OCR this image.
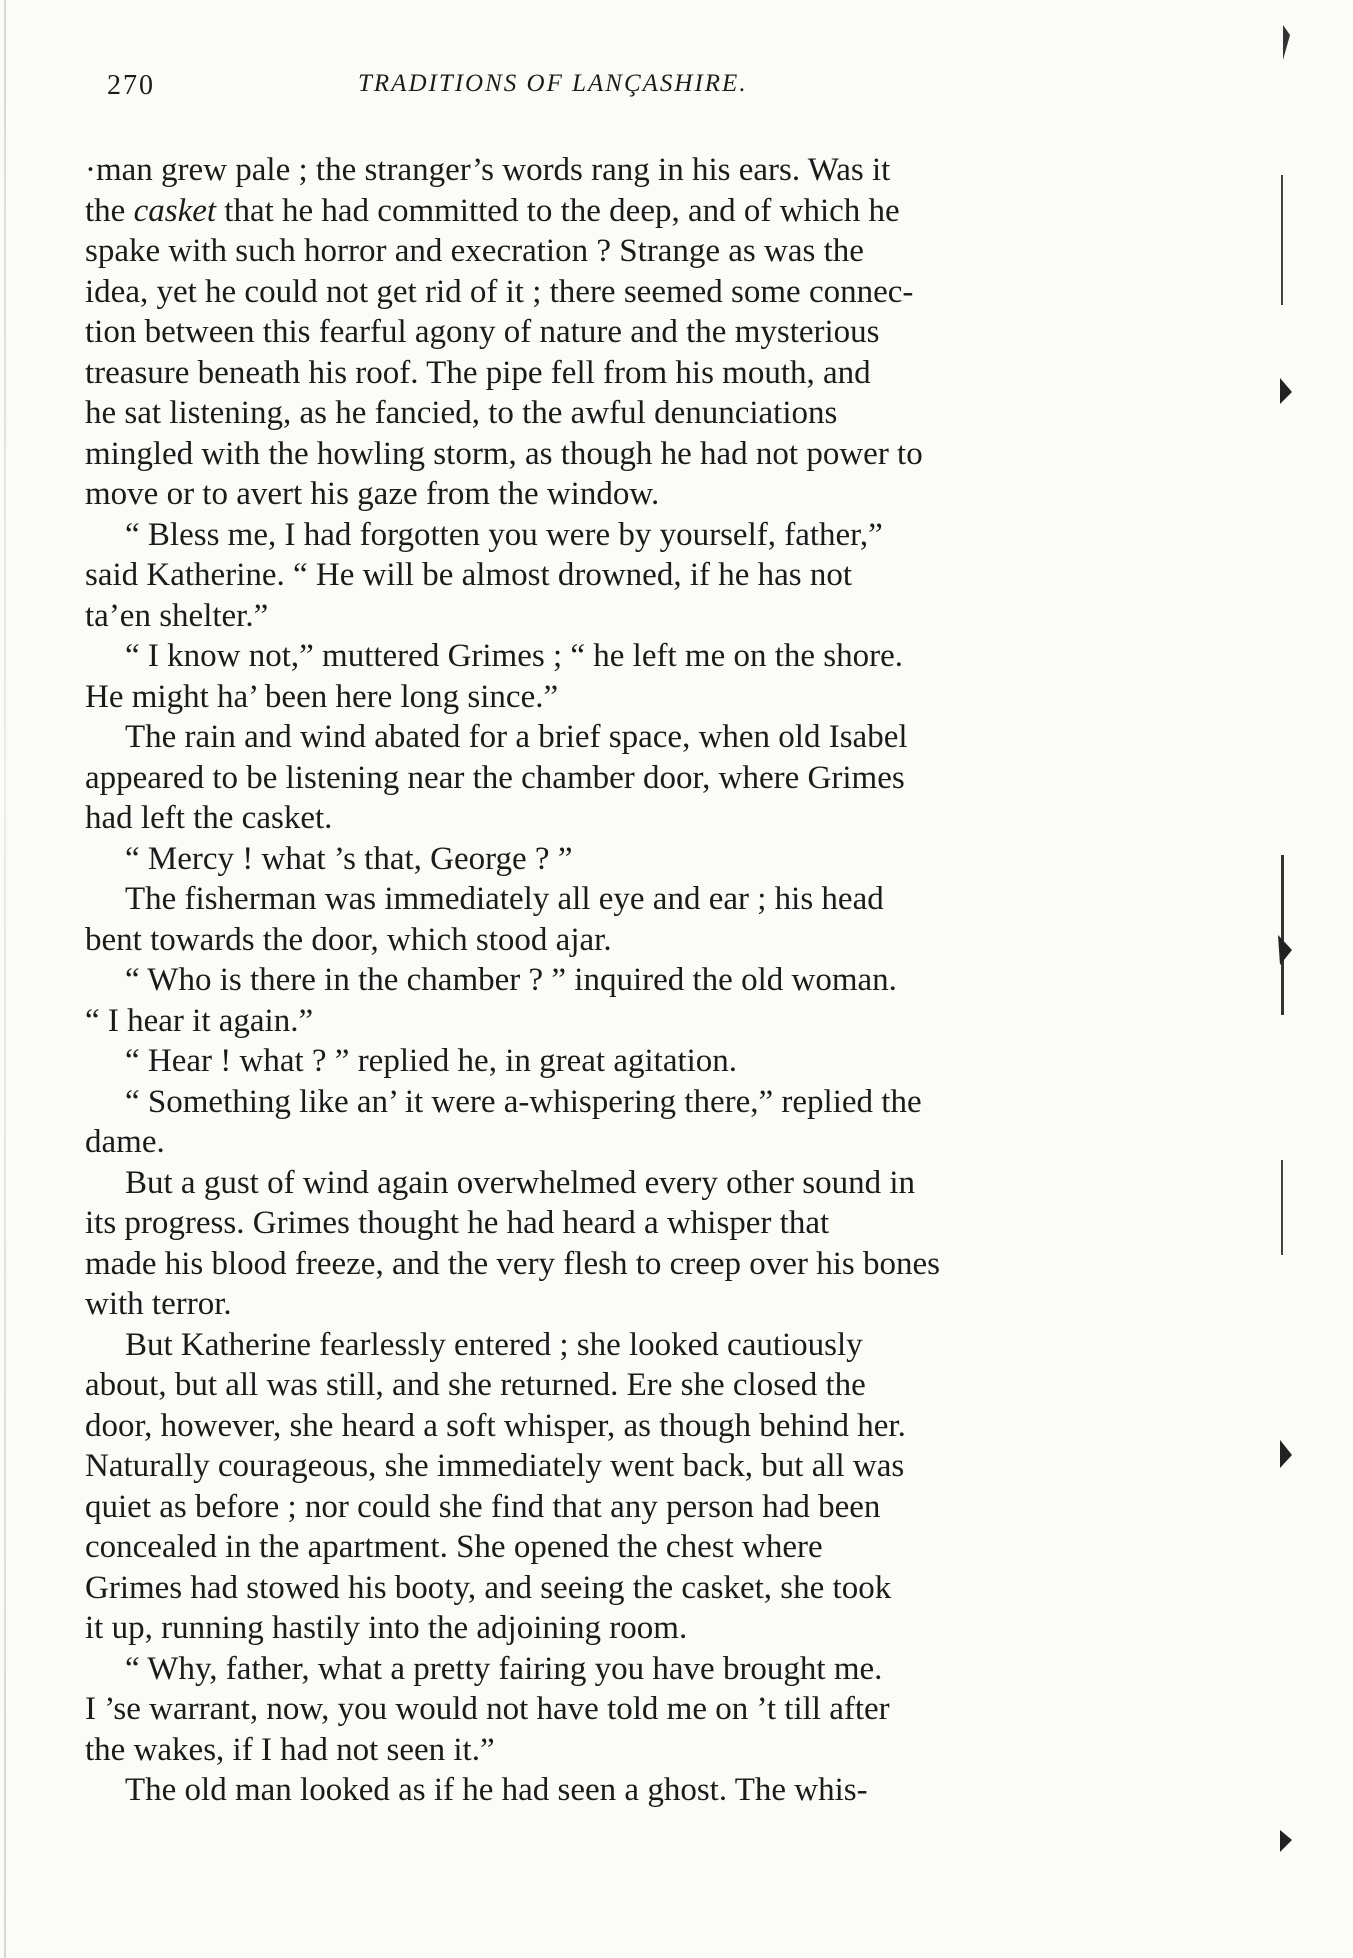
270	TRADITIONS OF LANÇASHIRE.
·man grew pale ; the stranger’s words rang in his ears. Was it
the casket that he had committed to the deep, and of which he
spake with such horror and execration ? Strange as was the
idea, yet he could not get rid of it ; there seemed some connec-
tion between this fearful agony of nature and the mysterious
treasure beneath his roof. The pipe fell from his mouth, and
he sat listening, as he fancied, to the awful denunciations
mingled with the howling storm, as though he had not power to
move or to avert his gaze from the window.
“ Bless me, I had forgotten you were by yourself, father,”
said Katherine. “ He will be almost drowned, if he has not
ta’en shelter.”
“ I know not,” muttered Grimes ; “ he left me on the shore.
He might ha’ been here long since.”
The rain and wind abated for a brief space, when old Isabel
appeared to be listening near the chamber door, where Grimes
had left the casket.
“ Mercy ! what ’s that, George ? ”
The fisherman was immediately all eye and ear ; his head
bent towards the door, which stood ajar.
“ Who is there in the chamber ? ” inquired the old woman.
“ I hear it again.”
“ Hear ! what ? ” replied he, in great agitation.
“ Something like an’ it were a-whispering there,” replied the
dame.
But a gust of wind again overwhelmed every other sound in
its progress. Grimes thought he had heard a whisper that
made his blood freeze, and the very flesh to creep over his bones
with terror.
But Katherine fearlessly entered ; she looked cautiously
about, but all was still, and she returned. Ere she closed the
door, however, she heard a soft whisper, as though behind her.
Naturally courageous, she immediately went back, but all was
quiet as before ; nor could she find that any person had been
concealed in the apartment. She opened the chest where
Grimes had stowed his booty, and seeing the casket, she took
it up, running hastily into the adjoining room.
“ Why, father, what a pretty fairing you have brought me.
I ’se warrant, now, you would not have told me on ’t till after
the wakes, if I had not seen it.”
The old man looked as if he had seen a ghost. The whis-
